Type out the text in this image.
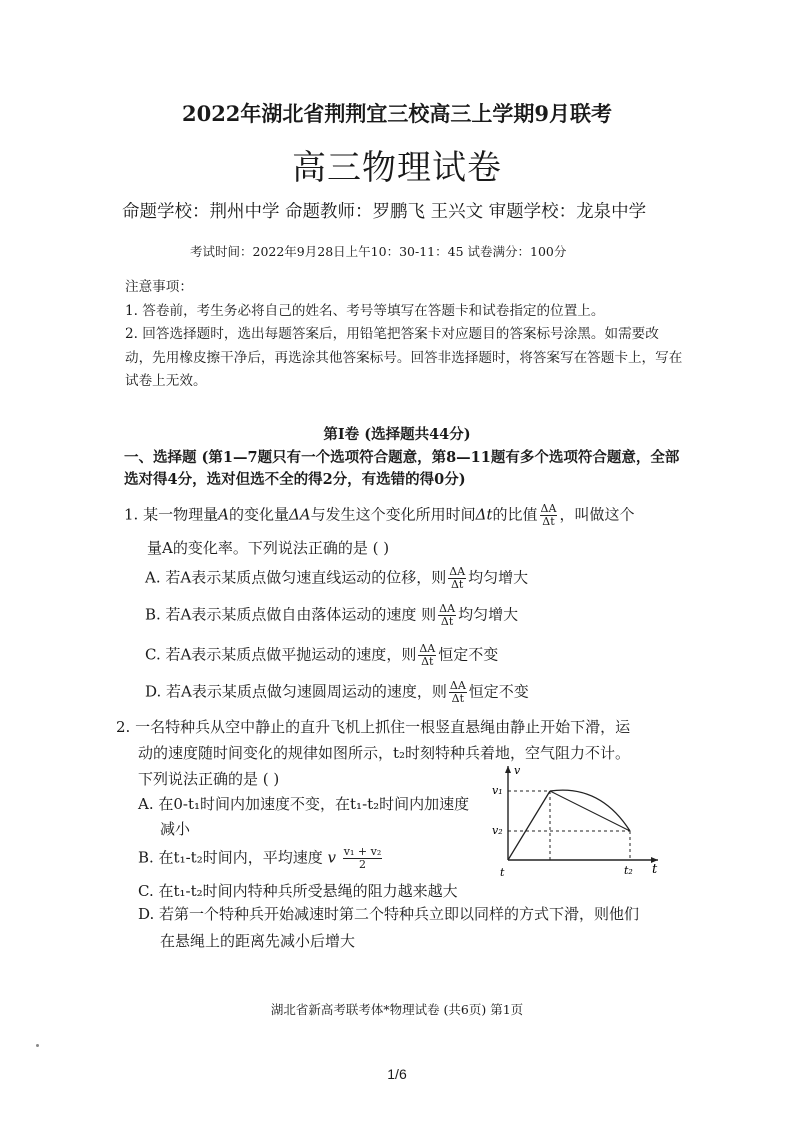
2022年湖北省荆荆宜三校高三上学期9月联考
高三物理试卷
命题学校：荆州中学 命题教师：罗鹏飞 王兴文 审题学校：龙泉中学
考试时间：2022年9月28日上午10：30-11：45 试卷满分：100分

注意事项：

1. 答卷前，考生务必将自己的姓名、考号等填写在答题卡和试卷指定的位置上。

2. 回答选择题时，选出每题答案后，用铅笔把答案卡对应题目的答案标号涂黑。如需要改动，先用橡皮擦干净后，再选涂其他答案标号。回答非选择题时，将答案写在答题卡上，写在试卷上无效。

第I卷 (选择题共44分)
一、选择题 (第1—7题只有一个选项符合题意，第8—11题有多个选项符合题意，全部选对得4分，选对但选不全的得2分，有选错的得0分)
1. 某一物理量A的变化量ΔA与发生这个变化所用时间Δt的比值 $\frac{\Delta A}{\Delta t}$ ，叫做这个
量A的变化率。下列说法正确的是 ( )
A. 若A表示某质点做匀速直线运动的位移，则 $\frac{\Delta A}{\Delta t}$ 均匀增大
B. 若A表示某质点做自由落体运动的速度 则 $\frac{\Delta A}{\Delta t}$ 均匀增大
C. 若A表示某质点做平抛运动的速度，则 $\frac{\Delta A}{\Delta t}$ 恒定不变
D. 若A表示某质点做匀速圆周运动的速度，则 $\frac{\Delta A}{\Delta t}$ 恒定不变
2. 一名特种兵从空中静止的直升飞机上抓住一根竖直悬绳由静止开始下滑，运
动的速度随时间变化的规律如图所示，t₂时刻特种兵着地，空气阻力不计。
下列说法正确的是 ( )
A. 在0-t₁时间内加速度不变，在t₁-t₂时间内加速度
减小
B. 在t₁-t₂时间内，平均速度 v $\frac{\text{v₁ + v₂}}{2}$
C. 在t₁-t₂时间内特种兵所受悬绳的阻力越来越大
D. 若第一个特种兵开始减速时第二个特种兵立即以同样的方式下滑，则他们
在悬绳上的距离先减小后增大
v
t
t
v₁
v₂
t₂
湖北省新高考联考体*物理试卷 (共6页) 第1页
1/6
